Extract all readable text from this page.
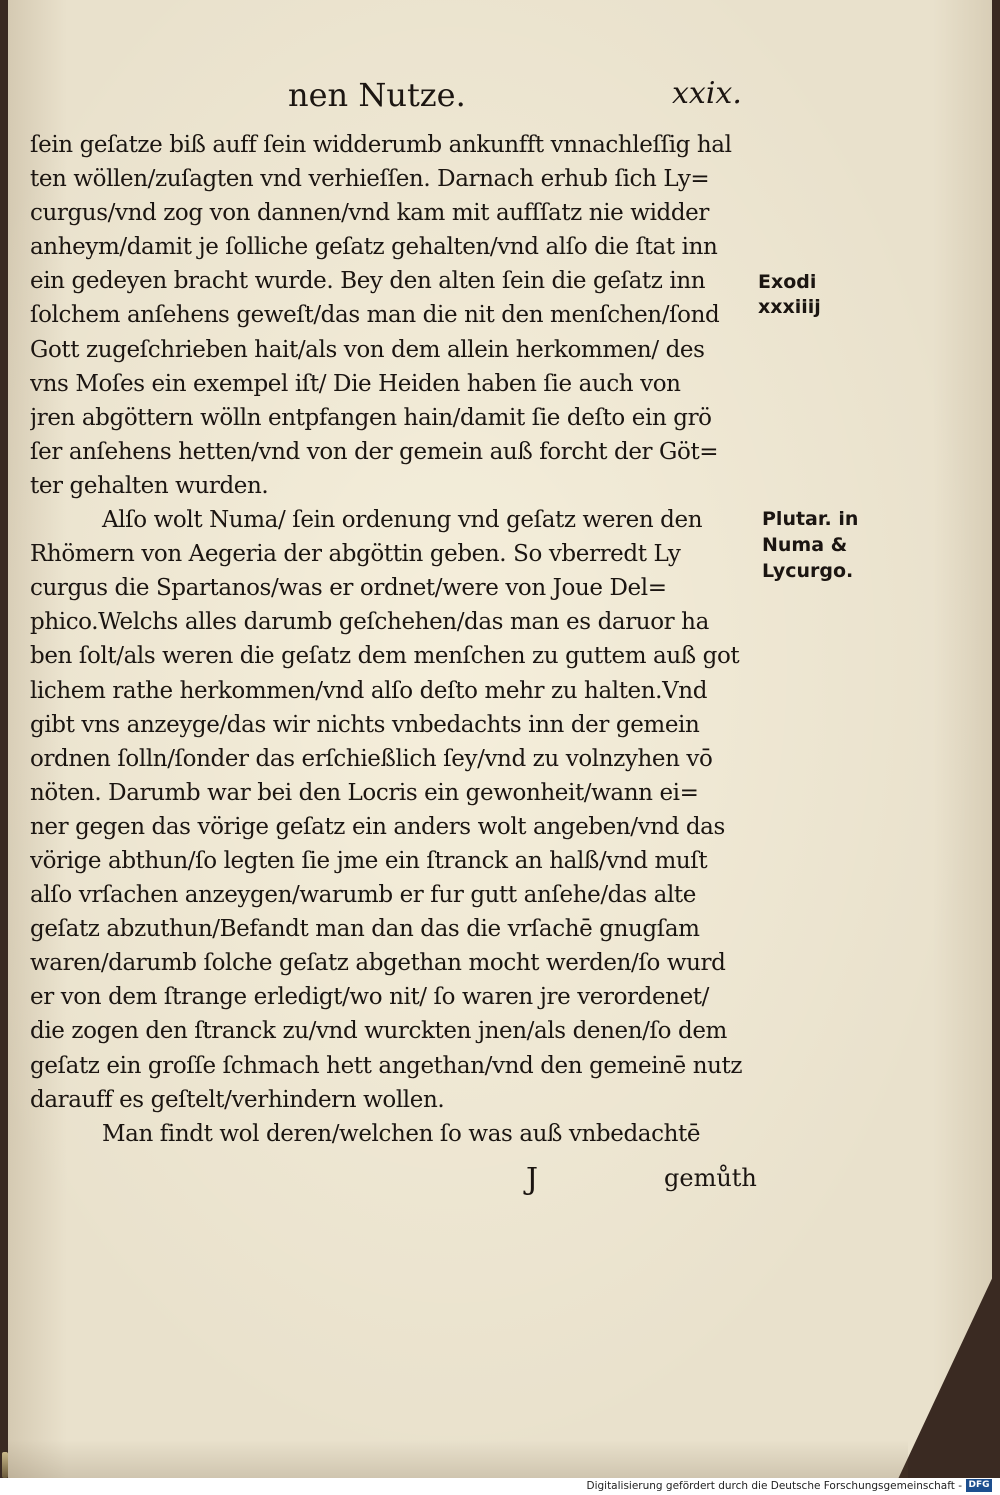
nen Nutze.	xxix.
ſein geſatze biß auff ſein widderumb ankunfft vnnachleſſig hal
ten wöllen/zuſagten vnd verhieſſen. Darnach erhub ſich Ly=
curgus/vnd zog von dannen/vnd kam mit aufſſatz nie widder
anheym/damit je ſolliche geſatz gehalten/vnd alſo die ſtat inn
ein gedeyen bracht wurde. Bey den alten ſein die geſatz inn
ſolchem anſehens geweſt/das man die nit den menſchen/ſond
Gott zugeſchrieben hait/als von dem allein herkommen/ des
vns Moſes ein exempel iſt/ Die Heiden haben ſie auch von
jren abgöttern wölln entpfangen hain/damit ſie deſto ein grö
ſer anſehens hetten/vnd von der gemein auß forcht der Göt=
ter gehalten wurden.
Alſo wolt Numa/ ſein ordenung vnd geſatz weren den
Rhömern von Aegeria der abgöttin geben. So vberredt Ly
curgus die Spartanos/was er ordnet/were von Joue Del=
phico.Welchs alles darumb geſchehen/das man es daruor ha
ben ſolt/als weren die geſatz dem menſchen zu guttem auß got
lichem rathe herkommen/vnd alſo deſto mehr zu halten.Vnd
gibt vns anzeyge/das wir nichts vnbedachts inn der gemein
ordnen ſolln/ſonder das erſchießlich ſey/vnd zu volnzyhen vō
nöten. Darumb war bei den Locris ein gewonheit/wann ei=
ner gegen das vörige geſatz ein anders wolt angeben/vnd das
vörige abthun/ſo legten ſie jme ein ſtranck an halß/vnd muſt
alſo vrſachen anzeygen/warumb er fur gutt anſehe/das alte
geſatz abzuthun/Befandt man dan das die vrſachē gnugſam
waren/darumb ſolche geſatz abgethan mocht werden/ſo wurd
er von dem ſtrange erledigt/wo nit/ ſo waren jre verordenet/
die zogen den ſtranck zu/vnd wurckten jnen/als denen/ſo dem
geſatz ein groſſe ſchmach hett angethan/vnd den gemeinē nutz
darauff es geſtelt/verhindern wollen.
Man findt wol deren/welchen ſo was auß vnbedachtē
Exodi
xxxiiij
Plutar. in
Numa &
Lycurgo.
J	gemůth
Digitalisierung gefördert durch die Deutsche Forschungsgemeinschaft - DFG
